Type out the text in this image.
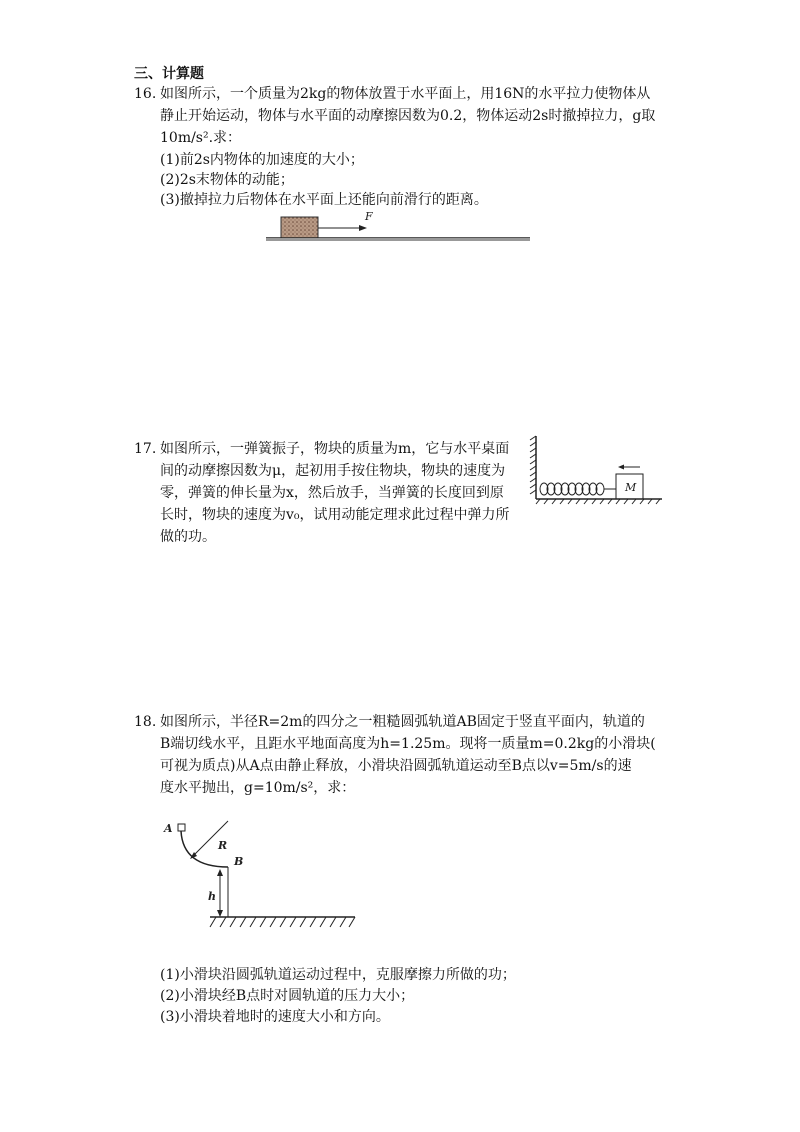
三、计算题
16. 如图所示，一个质量为2kg的物体放置于水平面上，用16N的水平拉力使物体从
静止开始运动，物体与水平面的动摩擦因数为0.2，物体运动2s时撤掉拉力，g取
10m/s².求：
(1)前2s内物体的加速度的大小；
(2)2s末物体的动能；
(3)撤掉拉力后物体在水平面上还能向前滑行的距离。
F
17. 如图所示，一弹簧振子，物块的质量为m，它与水平桌面
间的动摩擦因数为μ，起初用手按住物块，物块的速度为
零，弹簧的伸长量为x，然后放手，当弹簧的长度回到原
长时，物块的速度为v₀，试用动能定理求此过程中弹力所
做的功。
M
18. 如图所示，半径R=2m的四分之一粗糙圆弧轨道AB固定于竖直平面内，轨道的
B端切线水平，且距水平地面高度为h=1.25m。现将一质量m=0.2kg的小滑块(
可视为质点)从A点由静止释放，小滑块沿圆弧轨道运动至B点以v=5m/s的速
度水平抛出，g=10m/s²，求：
A
R
B
h
(1)小滑块沿圆弧轨道运动过程中，克服摩擦力所做的功；
(2)小滑块经B点时对圆轨道的压力大小；
(3)小滑块着地时的速度大小和方向。
